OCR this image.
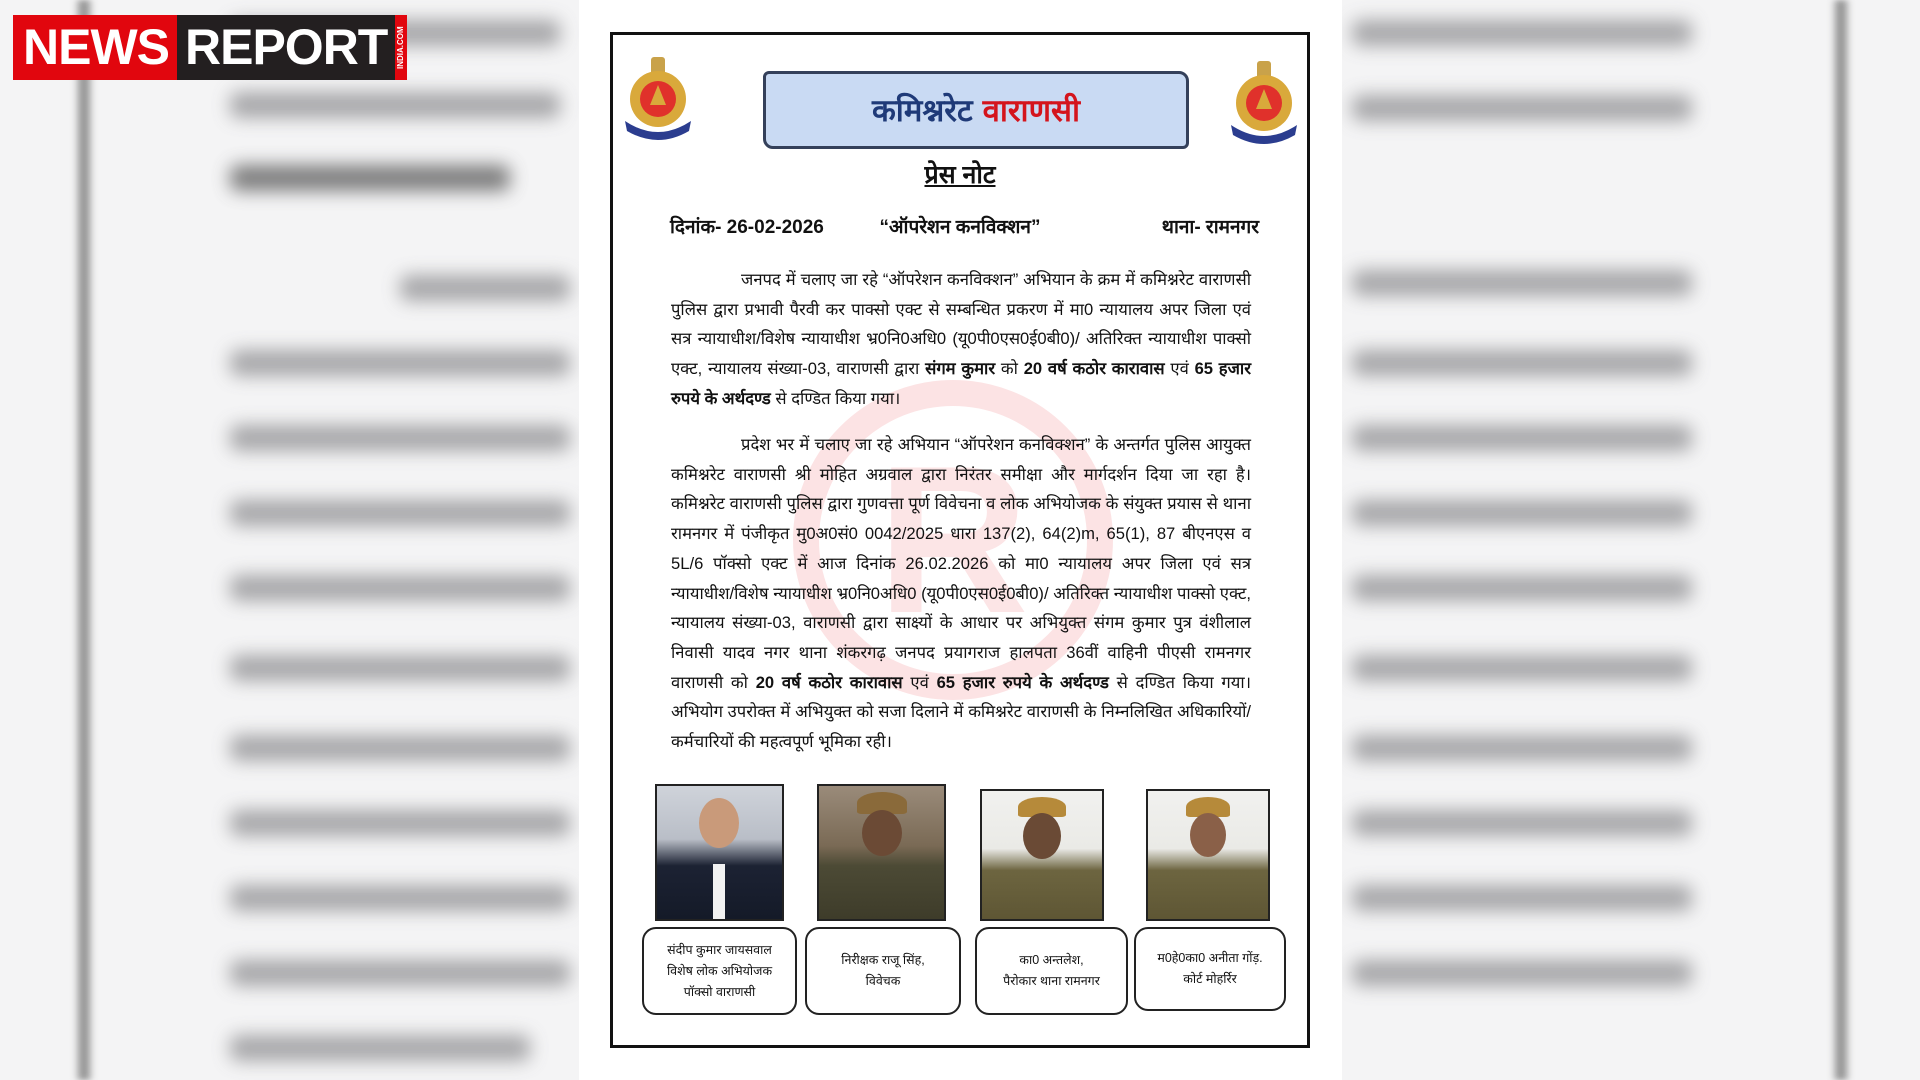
कमिश्नरेट वाराणसी
प्रेस नोट
दिनांक- 26-02-2026	“ऑपरेशन कनविक्शन”	थाना- रामनगर
R

जनपद में चलाए जा रहे “ऑपरेशन कनविक्शन” अभियान के क्रम में कमिश्नरेट वाराणसी पुलिस द्वारा प्रभावी पैरवी कर पाक्सो एक्ट से सम्बन्धित प्रकरण में मा0 न्यायालय अपर जिला एवं सत्र न्यायाधीश/विशेष न्यायाधीश भ्र0नि0अधि0 (यू0पी0एस0ई0बी0)/ अतिरिक्त न्यायाधीश पाक्सो एक्ट, न्यायालय संख्या-03, वाराणसी द्वारा संगम कुमार को 20 वर्ष कठोर कारावास एवं 65 हजार रुपये के अर्थदण्ड से दण्डित किया गया।

प्रदेश भर में चलाए जा रहे अभियान “ऑपरेशन कनविक्शन” के अन्तर्गत पुलिस आयुक्त कमिश्नरेट वाराणसी श्री मोहित अग्रवाल द्वारा निरंतर समीक्षा और मार्गदर्शन दिया जा रहा है। कमिश्नरेट वाराणसी पुलिस द्वारा गुणवत्ता पूर्ण विवेचना व लोक अभियोजक के संयुक्त प्रयास से थाना रामनगर में पंजीकृत मु0अ0सं0 0042/2025 धारा 137(2), 64(2)m, 65(1), 87 बीएनएस व 5L/6 पॉक्सो एक्ट में आज दिनांक 26.02.2026 को मा0 न्यायालय अपर जिला एवं सत्र न्यायाधीश/विशेष न्यायाधीश भ्र0नि0अधि0 (यू0पी0एस0ई0बी0)/ अतिरिक्त न्यायाधीश पाक्सो एक्ट, न्यायालय संख्या-03, वाराणसी द्वारा साक्ष्यों के आधार पर अभियुक्त संगम कुमार पुत्र वंशीलाल निवासी यादव नगर थाना शंकरगढ़ जनपद प्रयागराज हालपता 36वीं वाहिनी पीएसी रामनगर वाराणसी को 20 वर्ष कठोर कारावास एवं 65 हजार रुपये के अर्थदण्ड से दण्डित किया गया। अभियोग उपरोक्त में अभियुक्त को सजा दिलाने में कमिश्नरेट वाराणसी के निम्नलिखित अधिकारियों/कर्मचारियों की महत्वपूर्ण भूमिका रही।

संदीप कुमार जायसवाल
विशेष लोक अभियोजक
पॉक्सो वाराणसी
निरीक्षक राजू सिंह,
विवेचक
का0 अन्तलेश,
पैरोकार थाना रामनगर
म0हे0का0 अनीता गोंड़.
कोर्ट मोहर्रिर
NEWS REPORT	INDIA.COM
